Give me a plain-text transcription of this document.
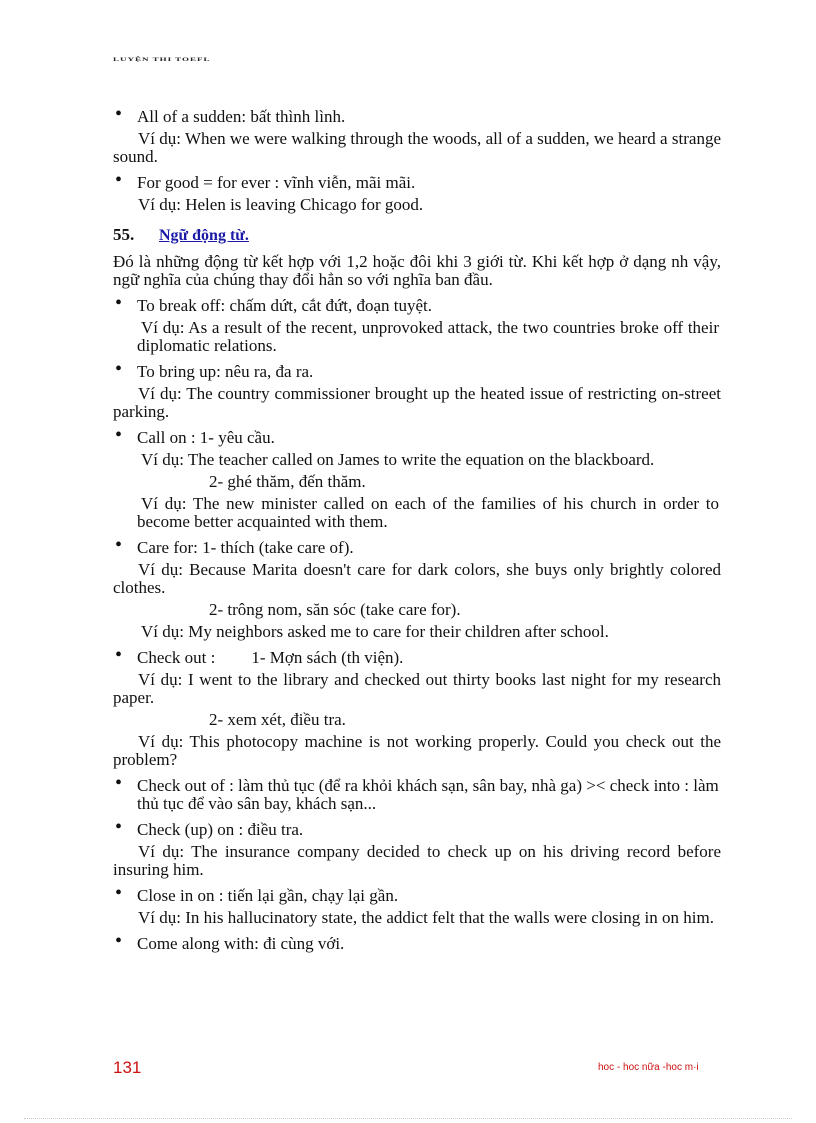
LUYỆN THI TOEFL
• All of a sudden: bất thình lình.
Ví dụ: When we were walking through the woods, all of a sudden, we heard a strange sound.
• For good = for ever : vĩnh viễn, mãi mãi.
Ví dụ: Helen is leaving Chicago for good.
55.	Ngữ động từ.
Đó là những động từ kết hợp với 1,2 hoặc đôi khi 3 giới từ. Khi kết hợp ở dạng nh vậy, ngữ nghĩa của chúng thay đổi hẳn so với nghĩa ban đầu.
• To break off: chấm dứt, cắt đứt, đoạn tuyệt.
Ví dụ: As a result of the recent, unprovoked attack, the two countries broke off their diplomatic relations.
• To bring up: nêu ra, đa ra.
Ví dụ: The country commissioner brought up the heated issue of restricting on-street parking.
• Call on : 1- yêu cầu.
Ví dụ: The teacher called on James to write the equation on the blackboard.
2- ghé thăm, đến thăm.
Ví dụ: The new minister called on each of the families of his church in order to become better acquainted with them.
• Care for: 1- thích (take care of).
Ví dụ: Because Marita doesn't care for dark colors, she buys only brightly colored clothes.
2- trông nom, săn sóc (take care for).
Ví dụ: My neighbors asked me to care for their children after school.
• Check out : 1- Mợn sách (th viện).
Ví dụ: I went to the library and checked out thirty books last night for my research paper.
2- xem xét, điều tra.
Ví dụ: This photocopy machine is not working properly. Could you check out the problem?
• Check out of : làm thủ tục (để ra khỏi khách sạn, sân bay, nhà ga) >< check into : làm thủ tục để vào sân bay, khách sạn...
• Check (up) on : điều tra.
Ví dụ: The insurance company decided to check up on his driving record before insuring him.
• Close in on : tiến lại gần, chạy lại gần.
Ví dụ: In his hallucinatory state, the addict felt that the walls were closing in on him.
• Come along with: đi cùng với.
131	hoc - hoc nữa -hoc m·i
